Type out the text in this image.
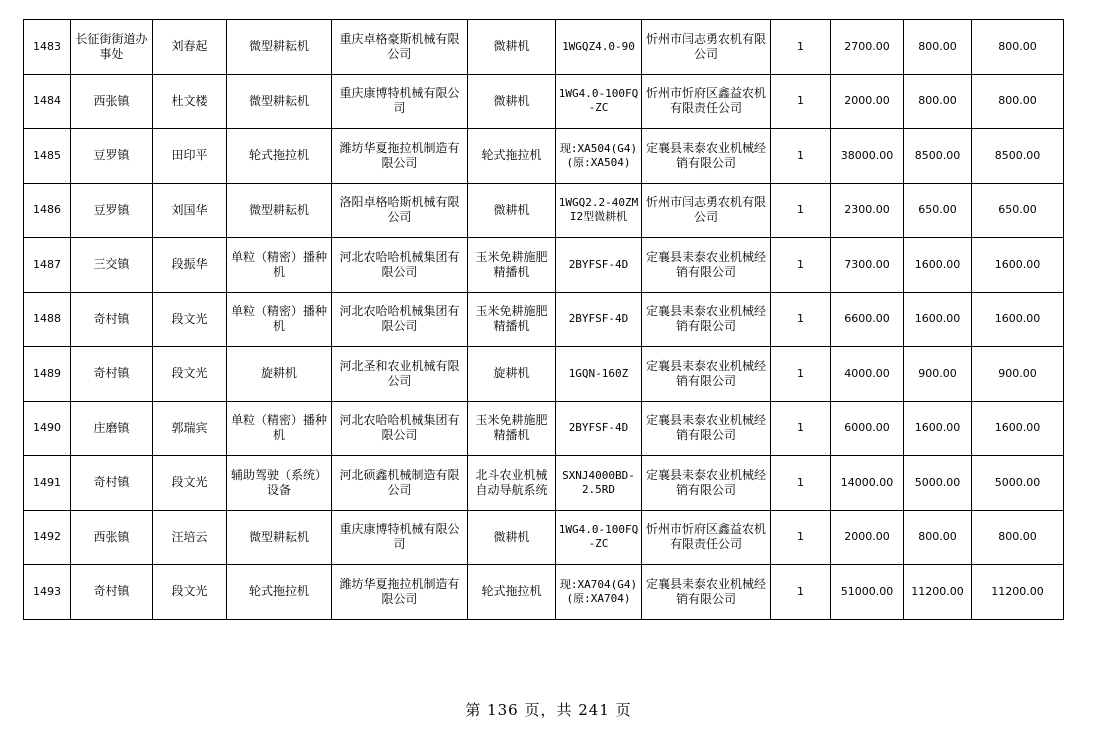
1483	长征街街道办事处	刘春起	微型耕耘机	重庆卓格豪斯机械有限公司	微耕机	1WGQZ4.0-90	忻州市闫志勇农机有限公司	1	2700.00	800.00	800.00
1484	西张镇	杜文楼	微型耕耘机	重庆康博特机械有限公司	微耕机	1WG4.0-100FQ-ZC	忻州市忻府区鑫益农机有限责任公司	1	2000.00	800.00	800.00
1485	豆罗镇	田印平	轮式拖拉机	潍坊华夏拖拉机制造有限公司	轮式拖拉机	现:XA504(G4)(原:XA504)	定襄县耒泰农业机械经销有限公司	1	38000.00	8500.00	8500.00
1486	豆罗镇	刘国华	微型耕耘机	洛阳卓格哈斯机械有限公司	微耕机	1WGQ2.2-40ZMI2型微耕机	忻州市闫志勇农机有限公司	1	2300.00	650.00	650.00
1487	三交镇	段振华	单粒（精密）播种机	河北农哈哈机械集团有限公司	玉米免耕施肥精播机	2BYFSF-4D	定襄县耒泰农业机械经销有限公司	1	7300.00	1600.00	1600.00
1488	奇村镇	段文光	单粒（精密）播种机	河北农哈哈机械集团有限公司	玉米免耕施肥精播机	2BYFSF-4D	定襄县耒泰农业机械经销有限公司	1	6600.00	1600.00	1600.00
1489	奇村镇	段文光	旋耕机	河北圣和农业机械有限公司	旋耕机	1GQN-160Z	定襄县耒泰农业机械经销有限公司	1	4000.00	900.00	900.00
1490	庄磨镇	郭瑞宾	单粒（精密）播种机	河北农哈哈机械集团有限公司	玉米免耕施肥精播机	2BYFSF-4D	定襄县耒泰农业机械经销有限公司	1	6000.00	1600.00	1600.00
1491	奇村镇	段文光	辅助驾驶（系统）设备	河北硕鑫机械制造有限公司	北斗农业机械自动导航系统	SXNJ4000BD-2.5RD	定襄县耒泰农业机械经销有限公司	1	14000.00	5000.00	5000.00
1492	西张镇	汪培云	微型耕耘机	重庆康博特机械有限公司	微耕机	1WG4.0-100FQ-ZC	忻州市忻府区鑫益农机有限责任公司	1	2000.00	800.00	800.00
1493	奇村镇	段文光	轮式拖拉机	潍坊华夏拖拉机制造有限公司	轮式拖拉机	现:XA704(G4)(原:XA704)	定襄县耒泰农业机械经销有限公司	1	51000.00	11200.00	11200.00
第 136 页，共 241 页
